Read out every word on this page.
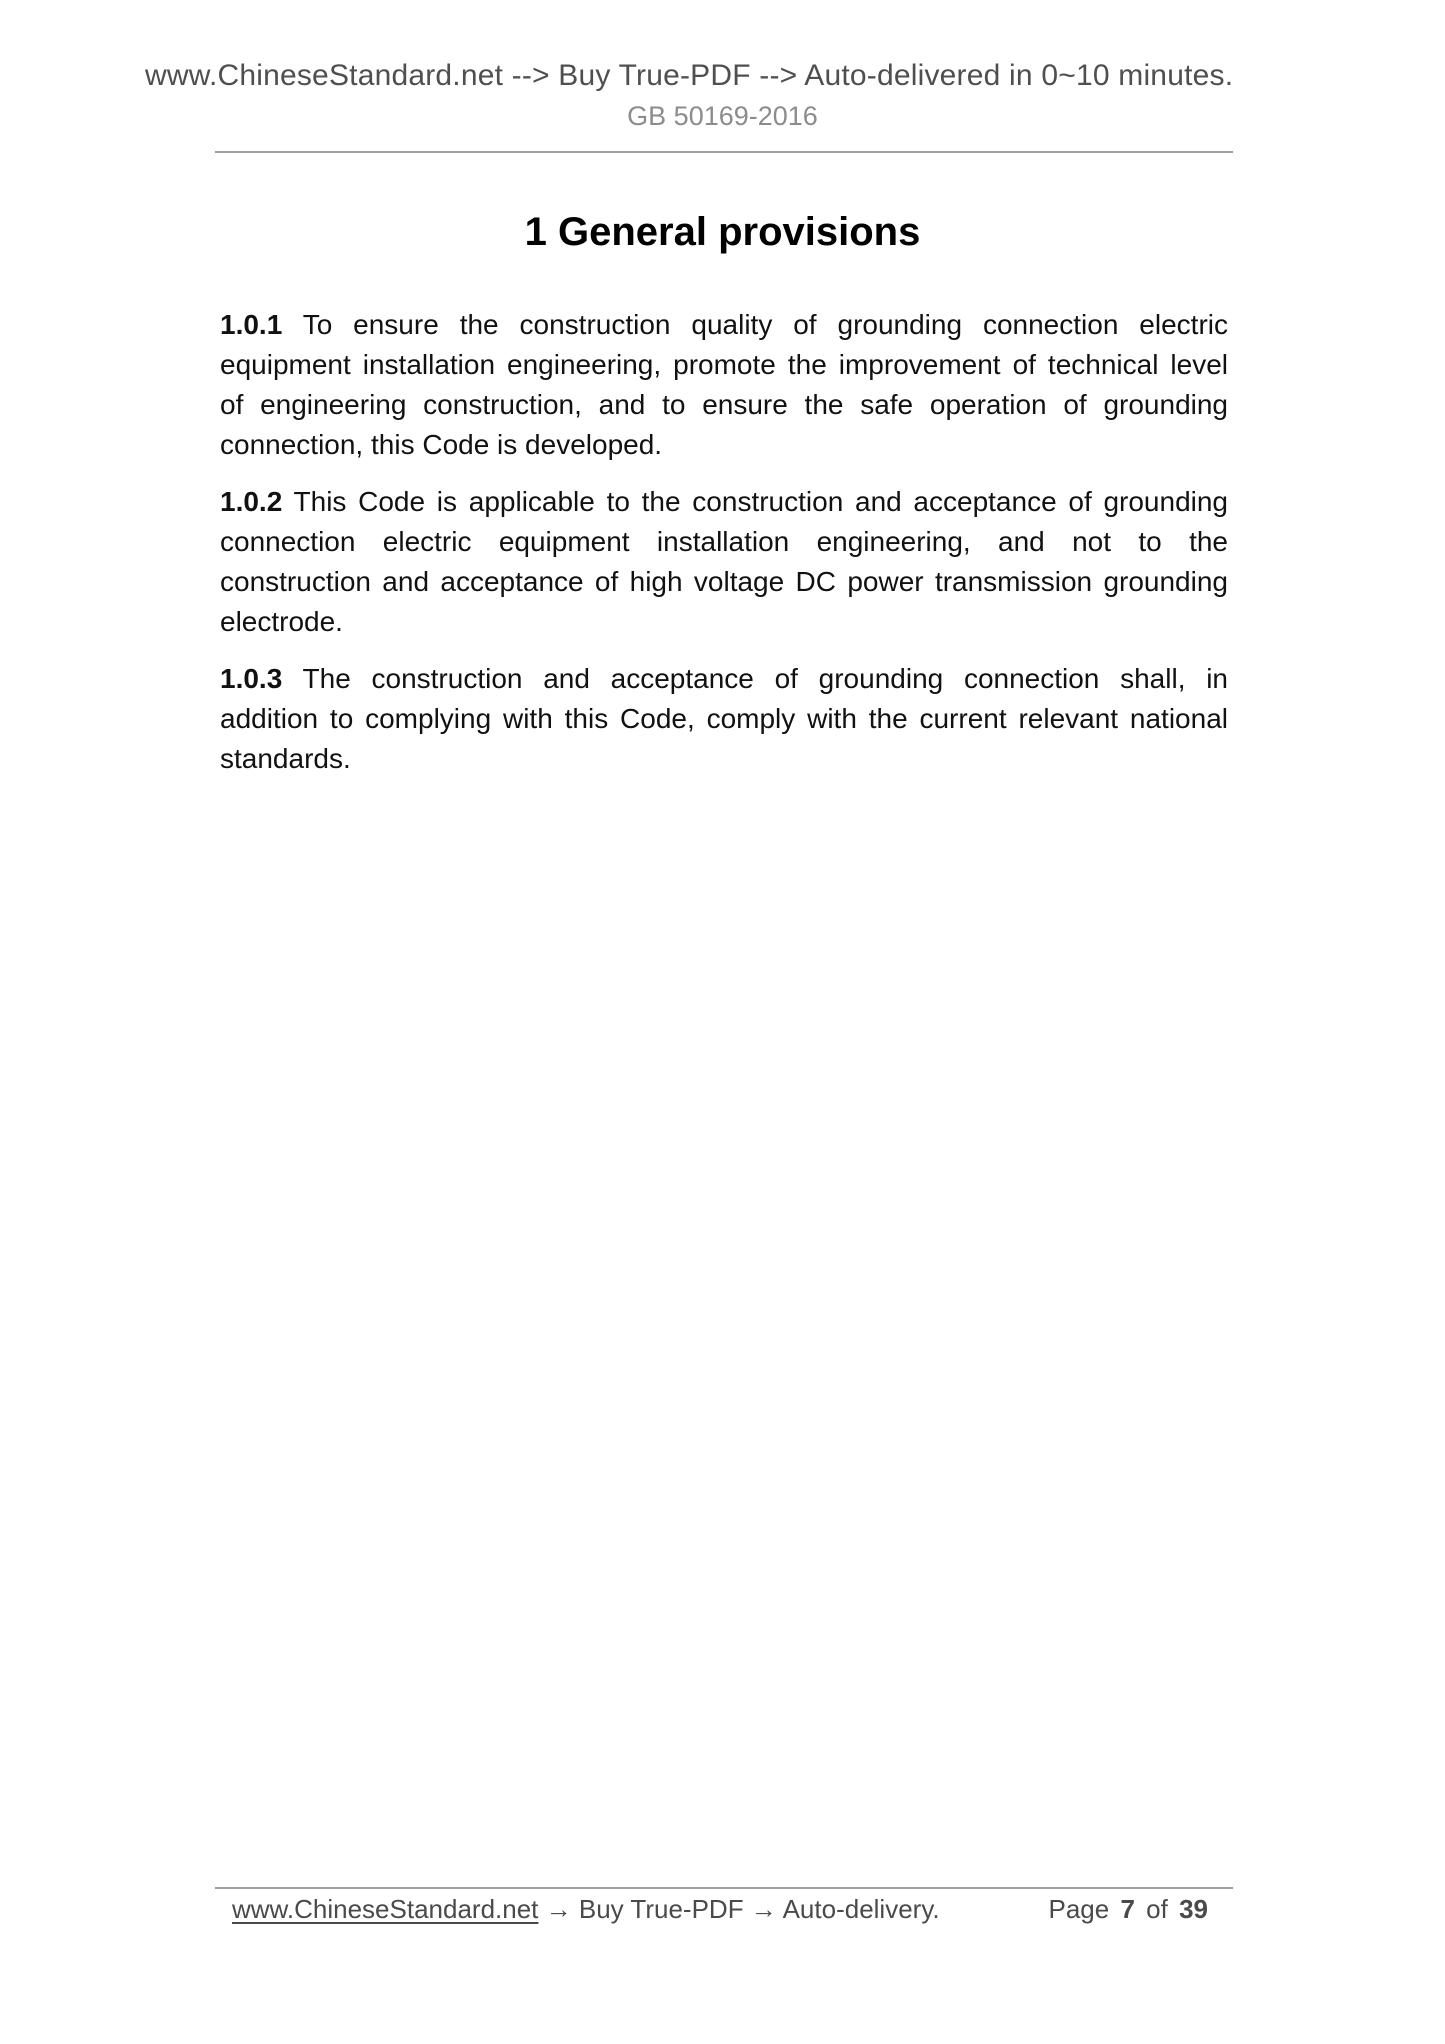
www.ChineseStandard.net --> Buy True-PDF --> Auto-delivered in 0~10 minutes.
GB 50169-2016
1 General provisions

1.0.1 To ensure the construction quality of grounding connection electric
equipment installation engineering, promote the improvement of technical level
of engineering construction, and to ensure the safe operation of grounding
connection, this Code is developed.

1.0.2 This Code is applicable to the construction and acceptance of grounding
connection electric equipment installation engineering, and not to the
construction and acceptance of high voltage DC power transmission grounding
electrode.

1.0.3 The construction and acceptance of grounding connection shall, in
addition to complying with this Code, comply with the current relevant national
standards.

www.ChineseStandard.net → Buy True-PDF → Auto-delivery.	Page 7 of 39
